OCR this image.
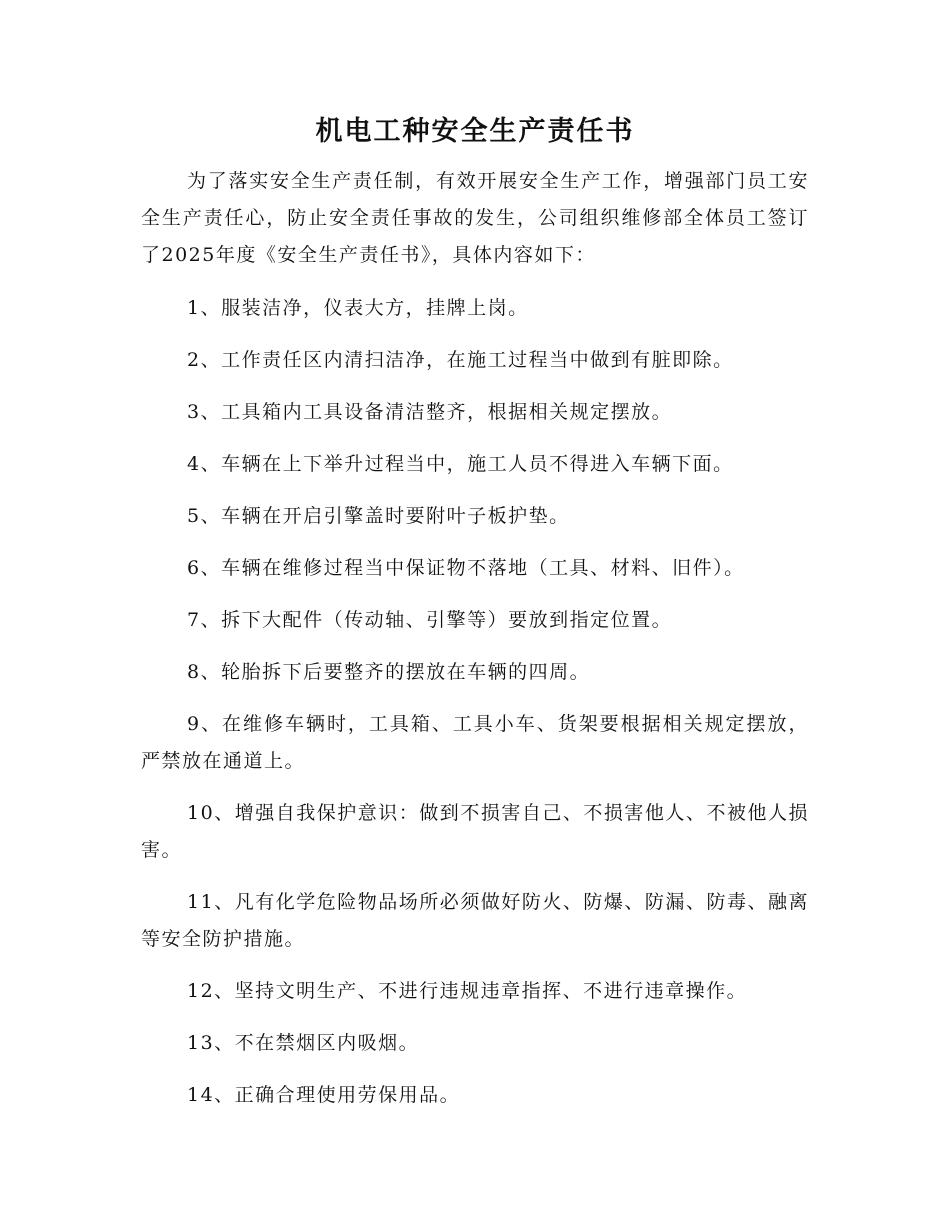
机电工种安全生产责任书

为了落实安全生产责任制，有效开展安全生产工作，增强部门员工安全生产责任心，防止安全责任事故的发生，公司组织维修部全体员工签订了2025年度《安全生产责任书》，具体内容如下：

1、服装洁净，仪表大方，挂牌上岗。

2、工作责任区内清扫洁净，在施工过程当中做到有脏即除。

3、工具箱内工具设备清洁整齐，根据相关规定摆放。

4、车辆在上下举升过程当中，施工人员不得进入车辆下面。

5、车辆在开启引擎盖时要附叶子板护垫。

6、车辆在维修过程当中保证物不落地（工具、材料、旧件）。

7、拆下大配件（传动轴、引擎等）要放到指定位置。

8、轮胎拆下后要整齐的摆放在车辆的四周。

9、在维修车辆时，工具箱、工具小车、货架要根据相关规定摆放，严禁放在通道上。

10、增强自我保护意识：做到不损害自己、不损害他人、不被他人损害。

11、凡有化学危险物品场所必须做好防火、防爆、防漏、防毒、融离等安全防护措施。

12、坚持文明生产、不进行违规违章指挥、不进行违章操作。

13、不在禁烟区内吸烟。

14、正确合理使用劳保用品。
